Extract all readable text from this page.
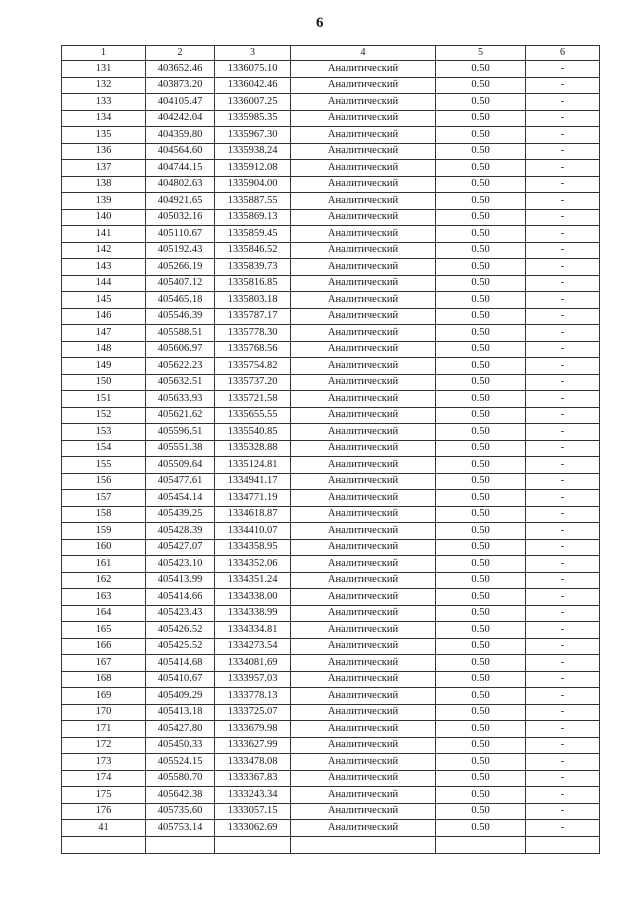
6
1	2	3	4	5	6
131	403652.46	1336075.10	Аналитический	0.50	-
132	403873.20	1336042.46	Аналитический	0.50	-
133	404105.47	1336007.25	Аналитический	0.50	-
134	404242.04	1335985.35	Аналитический	0.50	-
135	404359.80	1335967.30	Аналитический	0.50	-
136	404564.60	1335938.24	Аналитический	0.50	-
137	404744.15	1335912.08	Аналитический	0.50	-
138	404802.63	1335904.00	Аналитический	0.50	-
139	404921.65	1335887.55	Аналитический	0.50	-
140	405032.16	1335869.13	Аналитический	0.50	-
141	405110.67	1335859.45	Аналитический	0.50	-
142	405192.43	1335846.52	Аналитический	0.50	-
143	405266.19	1335839.73	Аналитический	0.50	-
144	405407.12	1335816.85	Аналитический	0.50	-
145	405465.18	1335803.18	Аналитический	0.50	-
146	405546.39	1335787.17	Аналитический	0.50	-
147	405588.51	1335778.30	Аналитический	0.50	-
148	405606.97	1335768.56	Аналитический	0.50	-
149	405622.23	1335754.82	Аналитический	0.50	-
150	405632.51	1335737.20	Аналитический	0.50	-
151	405633.93	1335721.58	Аналитический	0.50	-
152	405621.62	1335655.55	Аналитический	0.50	-
153	405596.51	1335540.85	Аналитический	0.50	-
154	405551.38	1335328.88	Аналитический	0.50	-
155	405509.64	1335124.81	Аналитический	0.50	-
156	405477.61	1334941.17	Аналитический	0.50	-
157	405454.14	1334771.19	Аналитический	0.50	-
158	405439.25	1334618.87	Аналитический	0.50	-
159	405428.39	1334410.07	Аналитический	0.50	-
160	405427.07	1334358.95	Аналитический	0.50	-
161	405423.10	1334352.06	Аналитический	0.50	-
162	405413.99	1334351.24	Аналитический	0.50	-
163	405414.66	1334338.00	Аналитический	0.50	-
164	405423.43	1334338.99	Аналитический	0.50	-
165	405426.52	1334334.81	Аналитический	0.50	-
166	405425.52	1334273.54	Аналитический	0.50	-
167	405414.68	1334081.69	Аналитический	0.50	-
168	405410.67	1333957.03	Аналитический	0.50	-
169	405409.29	1333778.13	Аналитический	0.50	-
170	405413.18	1333725.07	Аналитический	0.50	-
171	405427.80	1333679.98	Аналитический	0.50	-
172	405450.33	1333627.99	Аналитический	0.50	-
173	405524.15	1333478.08	Аналитический	0.50	-
174	405580.70	1333367.83	Аналитический	0.50	-
175	405642.38	1333243.34	Аналитический	0.50	-
176	405735.60	1333057.15	Аналитический	0.50	-
41	405753.14	1333062.69	Аналитический	0.50	-
